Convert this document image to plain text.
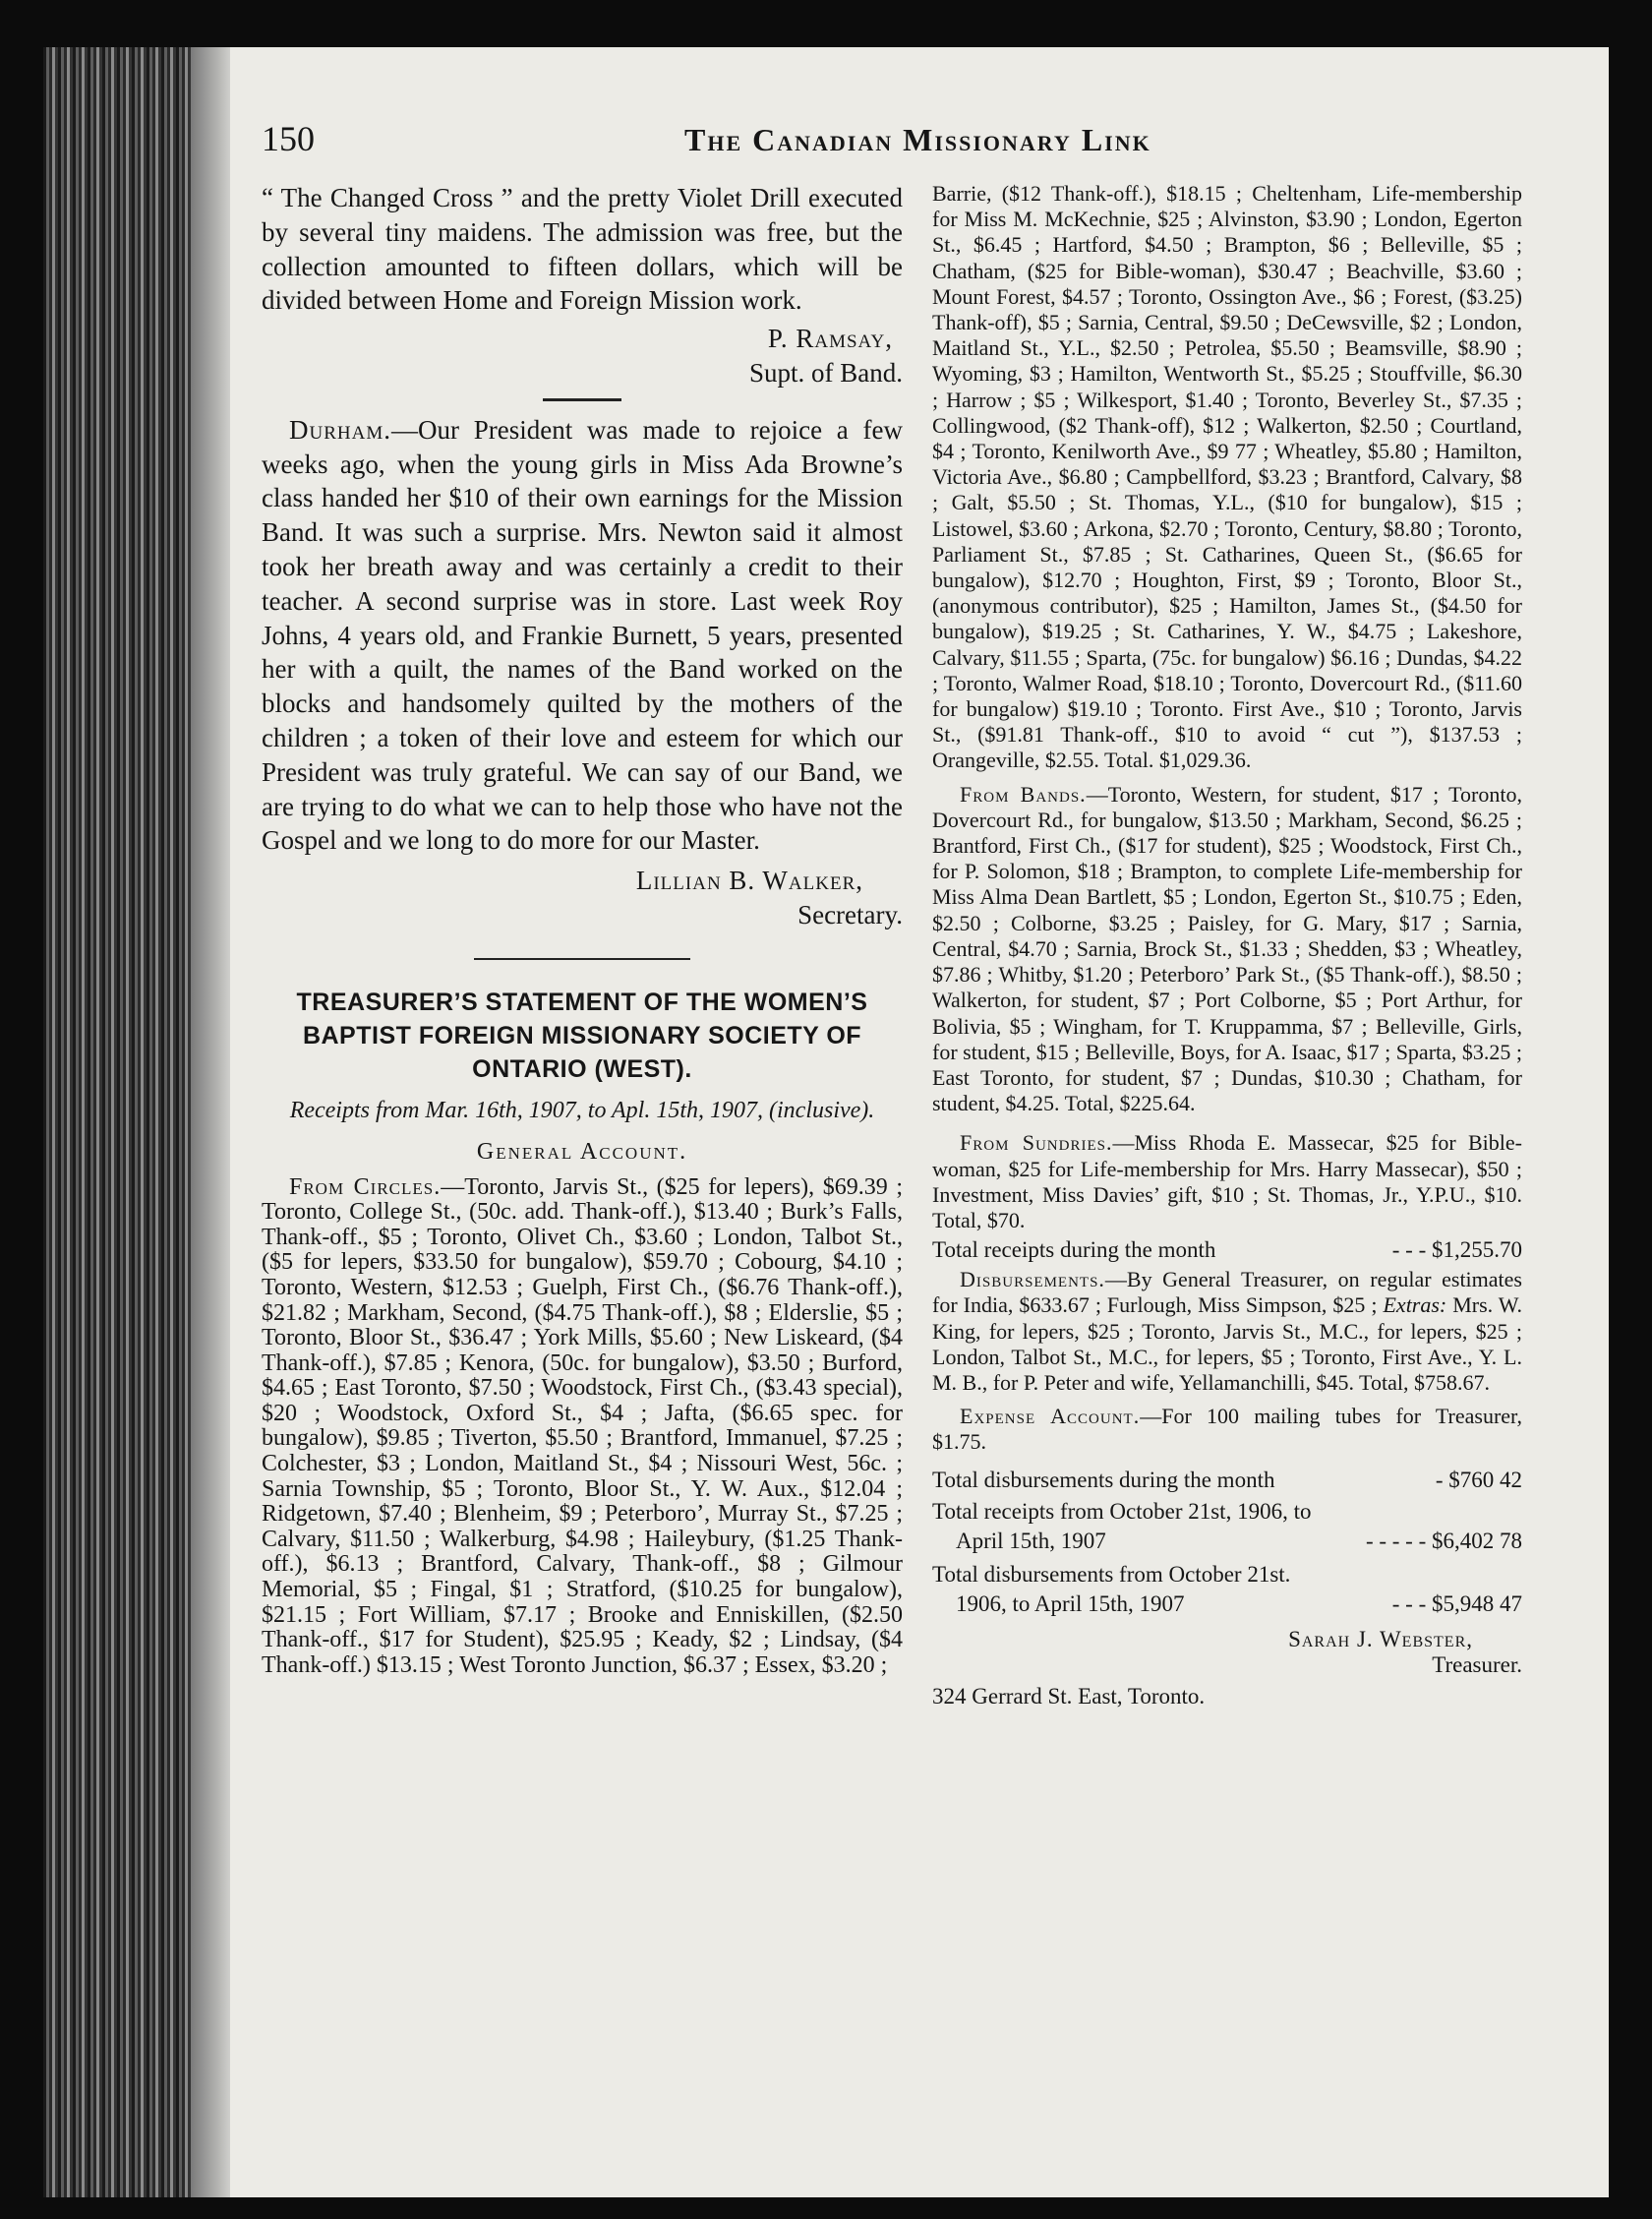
150	The Canadian Missionary Link

“ The Changed Cross ” and the pretty Violet Drill executed by several tiny maidens. The admission was free, but the collection amounted to fifteen dollars, which will be divided between Home and Foreign Mission work.

P. Ramsay,
Supt. of Band.

Durham.—Our President was made to rejoice a few weeks ago, when the young girls in Miss Ada Browne’s class handed her $10 of their own earnings for the Mission Band. It was such a surprise. Mrs. Newton said it almost took her breath away and was certainly a credit to their teacher. A second surprise was in store. Last week Roy Johns, 4 years old, and Frankie Burnett, 5 years, presented her with a quilt, the names of the Band worked on the blocks and handsomely quilted by the mothers of the children ; a token of their love and esteem for which our President was truly grateful. We can say of our Band, we are trying to do what we can to help those who have not the Gospel and we long to do more for our Master.

Lillian B. Walker,
Secretary.
TREASURER’S STATEMENT OF THE WOMEN’S BAPTIST FOREIGN MISSIONARY SOCIETY OF ONTARIO (WEST).
Receipts from Mar. 16th, 1907, to Apl. 15th, 1907, (inclusive).
General Account.

From Circles.—Toronto, Jarvis St., ($25 for lepers), $69.39 ; Toronto, College St., (50c. add. Thank-off.), $13.40 ; Burk’s Falls, Thank-off., $5 ; Toronto, Olivet Ch., $3.60 ; London, Talbot St., ($5 for lepers, $33.50 for bungalow), $59.70 ; Cobourg, $4.10 ; Toronto, Western, $12.53 ; Guelph, First Ch., ($6.76 Thank-off.), $21.82 ; Markham, Second, ($4.75 Thank-off.), $8 ; Elderslie, $5 ; Toronto, Bloor St., $36.47 ; York Mills, $5.60 ; New Liskeard, ($4 Thank-off.), $7.85 ; Kenora, (50c. for bungalow), $3.50 ; Burford, $4.65 ; East Toronto, $7.50 ; Woodstock, First Ch., ($3.43 special), $20 ; Woodstock, Oxford St., $4 ; Jafta, ($6.65 spec. for bungalow), $9.85 ; Tiverton, $5.50 ; Brantford, Immanuel, $7.25 ; Colchester, $3 ; London, Maitland St., $4 ; Nissouri West, 56c. ; Sarnia Township, $5 ; Toronto, Bloor St., Y. W. Aux., $12.04 ; Ridgetown, $7.40 ; Blenheim, $9 ; Peterboro’, Murray St., $7.25 ; Calvary, $11.50 ; Walkerburg, $4.98 ; Haileybury, ($1.25 Thank-off.), $6.13 ; Brantford, Calvary, Thank-off., $8 ; Gilmour Memorial, $5 ; Fingal, $1 ; Stratford, ($10.25 for bungalow), $21.15 ; Fort William, $7.17 ; Brooke and Enniskillen, ($2.50 Thank-off., $17 for Student), $25.95 ; Keady, $2 ; Lindsay, ($4 Thank-off.) $13.15 ; West Toronto Junction, $6.37 ; Essex, $3.20 ;

Barrie, ($12 Thank-off.), $18.15 ; Cheltenham, Life-membership for Miss M. McKechnie, $25 ; Alvinston, $3.90 ; London, Egerton St., $6.45 ; Hartford, $4.50 ; Brampton, $6 ; Belleville, $5 ; Chatham, ($25 for Bible-woman), $30.47 ; Beachville, $3.60 ; Mount Forest, $4.57 ; Toronto, Ossington Ave., $6 ; Forest, ($3.25) Thank-off), $5 ; Sarnia, Central, $9.50 ; DeCewsville, $2 ; London, Maitland St., Y.L., $2.50 ; Petrolea, $5.50 ; Beamsville, $8.90 ; Wyoming, $3 ; Hamilton, Wentworth St., $5.25 ; Stouffville, $6.30 ; Harrow ; $5 ; Wilkesport, $1.40 ; Toronto, Beverley St., $7.35 ; Collingwood, ($2 Thank-off), $12 ; Walkerton, $2.50 ; Courtland, $4 ; Toronto, Kenilworth Ave., $9 77 ; Wheatley, $5.80 ; Hamilton, Victoria Ave., $6.80 ; Campbellford, $3.23 ; Brantford, Calvary, $8 ; Galt, $5.50 ; St. Thomas, Y.L., ($10 for bungalow), $15 ; Listowel, $3.60 ; Arkona, $2.70 ; Toronto, Century, $8.80 ; Toronto, Parliament St., $7.85 ; St. Catharines, Queen St., ($6.65 for bungalow), $12.70 ; Houghton, First, $9 ; Toronto, Bloor St., (anonymous contributor), $25 ; Hamilton, James St., ($4.50 for bungalow), $19.25 ; St. Catharines, Y. W., $4.75 ; Lakeshore, Calvary, $11.55 ; Sparta, (75c. for bungalow) $6.16 ; Dundas, $4.22 ; Toronto, Walmer Road, $18.10 ; Toronto, Dovercourt Rd., ($11.60 for bungalow) $19.10 ; Toronto. First Ave., $10 ; Toronto, Jarvis St., ($91.81 Thank-off., $10 to avoid “ cut ”), $137.53 ; Orangeville, $2.55. Total. $1,029.36.

From Bands.—Toronto, Western, for student, $17 ; Toronto, Dovercourt Rd., for bungalow, $13.50 ; Markham, Second, $6.25 ; Brantford, First Ch., ($17 for student), $25 ; Woodstock, First Ch., for P. Solomon, $18 ; Brampton, to complete Life-membership for Miss Alma Dean Bartlett, $5 ; London, Egerton St., $10.75 ; Eden, $2.50 ; Colborne, $3.25 ; Paisley, for G. Mary, $17 ; Sarnia, Central, $4.70 ; Sarnia, Brock St., $1.33 ; Shedden, $3 ; Wheatley, $7.86 ; Whitby, $1.20 ; Peterboro’ Park St., ($5 Thank-off.), $8.50 ; Walkerton, for student, $7 ; Port Colborne, $5 ; Port Arthur, for Bolivia, $5 ; Wingham, for T. Kruppamma, $7 ; Belleville, Girls, for student, $15 ; Belleville, Boys, for A. Isaac, $17 ; Sparta, $3.25 ; East Toronto, for student, $7 ; Dundas, $10.30 ; Chatham, for student, $4.25. Total, $225.64.

From Sundries.—Miss Rhoda E. Massecar, $25 for Bible-woman, $25 for Life-membership for Mrs. Harry Massecar), $50 ; Investment, Miss Davies’ gift, $10 ; St. Thomas, Jr., Y.P.U., $10. Total, $70.

Total receipts during the month	- - - $1,255.70

Disbursements.—By General Treasurer, on regular estimates for India, $633.67 ; Furlough, Miss Simpson, $25 ; Extras: Mrs. W. King, for lepers, $25 ; Toronto, Jarvis St., M.C., for lepers, $25 ; London, Talbot St., M.C., for lepers, $5 ; Toronto, First Ave., Y. L. M. B., for P. Peter and wife, Yellamanchilli, $45. Total, $758.67.

Expense Account.—For 100 mailing tubes for Treasurer, $1.75.

Total disbursements during the month	- $760 42
Total receipts from October 21st, 1906, to
April 15th, 1907	- - - - - $6,402 78
Total disbursements from October 21st.
1906, to April 15th, 1907	- - - $5,948 47
Sarah J. Webster,
Treasurer.
324 Gerrard St. East, Toronto.
